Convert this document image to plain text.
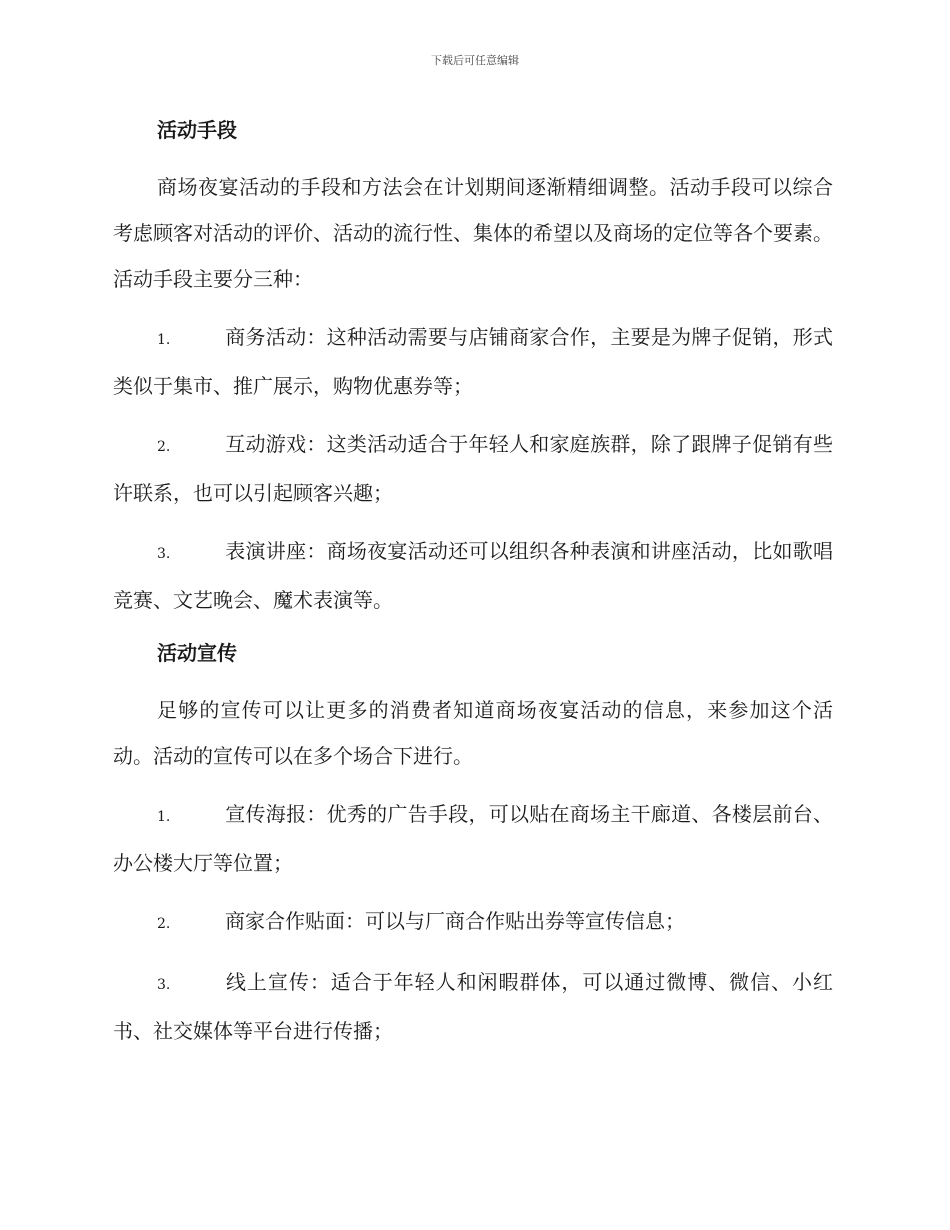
下载后可任意编辑
活动手段

商场夜宴活动的手段和方法会在计划期间逐渐精细调整。活动手段可以综合考虑顾客对活动的评价、活动的流行性、集体的希望以及商场的定位等各个要素。活动手段主要分三种：

1.	商务活动：这种活动需要与店铺商家合作，主要是为牌子促销，形式类似于集市、推广展示，购物优惠券等；

2.	互动游戏：这类活动适合于年轻人和家庭族群，除了跟牌子促销有些许联系，也可以引起顾客兴趣；

3.	表演讲座：商场夜宴活动还可以组织各种表演和讲座活动，比如歌唱竞赛、文艺晚会、魔术表演等。

活动宣传

足够的宣传可以让更多的消费者知道商场夜宴活动的信息，来参加这个活动。活动的宣传可以在多个场合下进行。

1.	宣传海报：优秀的广告手段，可以贴在商场主干廊道、各楼层前台、办公楼大厅等位置；

2.	商家合作贴面：可以与厂商合作贴出券等宣传信息；

3.	线上宣传：适合于年轻人和闲暇群体，可以通过微博、微信、小红书、社交媒体等平台进行传播；
